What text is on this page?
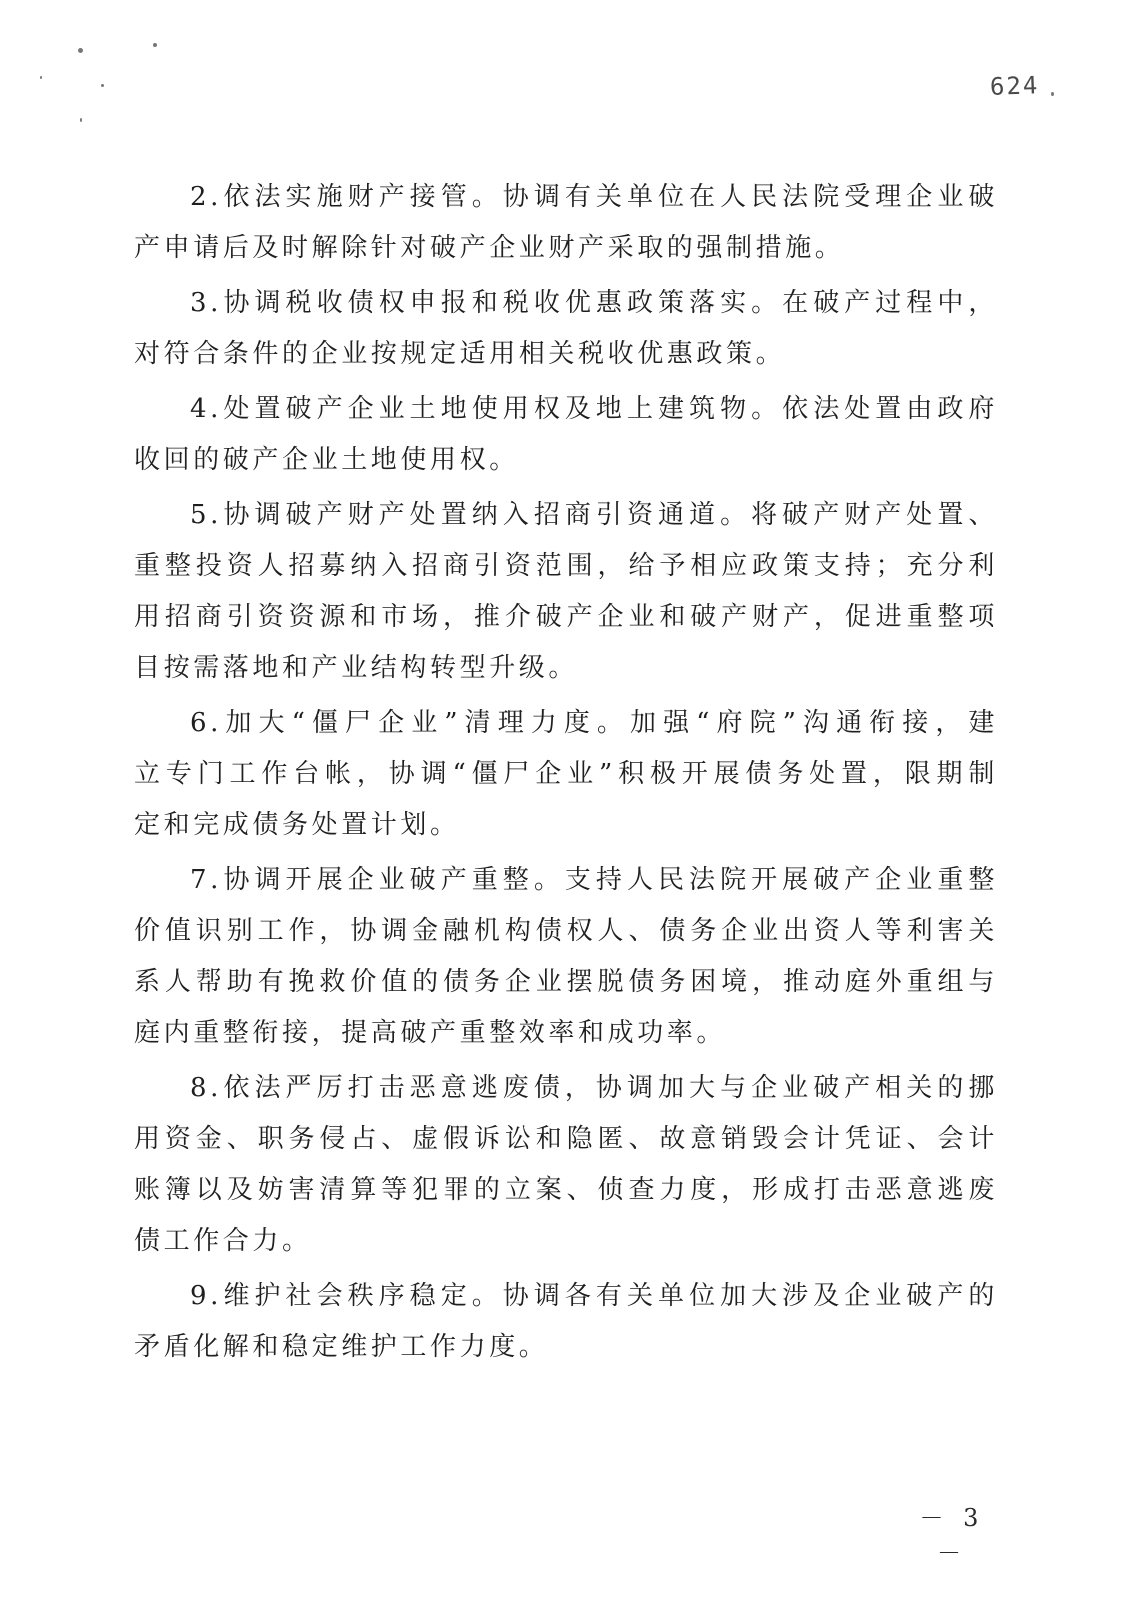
624
2.依法实施财产接管。协调有关单位在人民法院受理企业破
产申请后及时解除针对破产企业财产采取的强制措施。
3.协调税收债权申报和税收优惠政策落实。在破产过程中，
对符合条件的企业按规定适用相关税收优惠政策。
4.处置破产企业土地使用权及地上建筑物。依法处置由政府
收回的破产企业土地使用权。
5.协调破产财产处置纳入招商引资通道。将破产财产处置、
重整投资人招募纳入招商引资范围，给予相应政策支持；充分利
用招商引资资源和市场，推介破产企业和破产财产，促进重整项
目按需落地和产业结构转型升级。
6.加大“僵尸企业”清理力度。加强“府院”沟通衔接，建
立专门工作台帐，协调“僵尸企业”积极开展债务处置，限期制
定和完成债务处置计划。
7.协调开展企业破产重整。支持人民法院开展破产企业重整
价值识别工作，协调金融机构债权人、债务企业出资人等利害关
系人帮助有挽救价值的债务企业摆脱债务困境，推动庭外重组与
庭内重整衔接，提高破产重整效率和成功率。
8.依法严厉打击恶意逃废债，协调加大与企业破产相关的挪
用资金、职务侵占、虚假诉讼和隐匿、故意销毁会计凭证、会计
账簿以及妨害清算等犯罪的立案、侦查力度，形成打击恶意逃废
债工作合力。
9.维护社会秩序稳定。协调各有关单位加大涉及企业破产的
矛盾化解和稳定维护工作力度。
－ 3 －
